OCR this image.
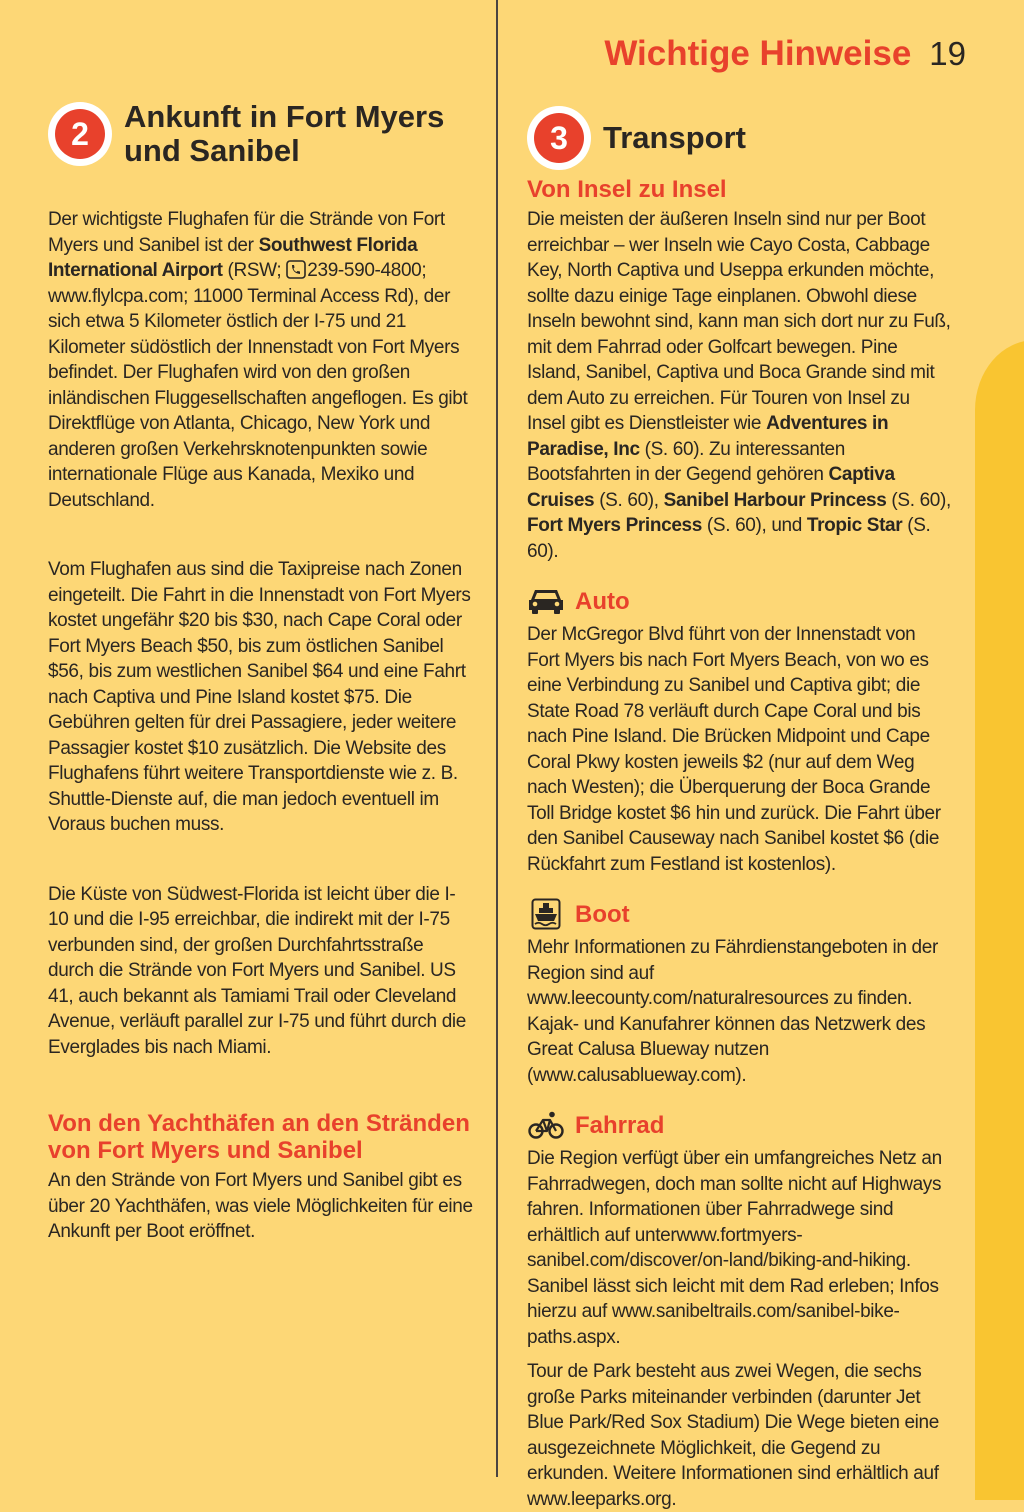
Wichtige Hinweise 19
2	Ankunft in Fort Myers und Sanibel

Der wichtigste Flughafen für die Strände von Fort Myers und Sanibel ist der Southwest Florida International Airport (RSW; 239-590-4800; www.flylcpa.com; 11000 Terminal Access Rd), der sich etwa 5 Kilometer östlich der I-75 und 21 Kilometer südöstlich der Innenstadt von Fort Myers befindet. Der Flughafen wird von den großen inländischen Fluggesellschaften angeflogen. Es gibt Direktflüge von Atlanta, Chicago, New York und anderen großen Verkehrsknotenpunkten sowie internationale Flüge aus Kanada, Mexiko und Deutschland.

Vom Flughafen aus sind die Taxipreise nach Zonen eingeteilt. Die Fahrt in die Innenstadt von Fort Myers kostet ungefähr $20 bis $30, nach Cape Coral oder Fort Myers Beach $50, bis zum östlichen Sanibel $56, bis zum westlichen Sanibel $64 und eine Fahrt nach Captiva und Pine Island kostet $75. Die Gebühren gelten für drei Passagiere, jeder weitere Passagier kostet $10 zusätzlich. Die Website des Flughafens führt weitere Transportdienste wie z. B. Shuttle-Dienste auf, die man jedoch eventuell im Voraus buchen muss.

Die Küste von Südwest-Florida ist leicht über die I-10 und die I-95 erreichbar, die indirekt mit der I-75 verbunden sind, der großen Durchfahrtsstraße durch die Strände von Fort Myers und Sanibel. US 41, auch bekannt als Tamiami Trail oder Cleveland Avenue, verläuft parallel zur I-75 und führt durch die Everglades bis nach Miami.

Von den Yachthäfen an den Stränden von Fort Myers und Sanibel

An den Strände von Fort Myers und Sanibel gibt es über 20 Yachthäfen, was viele Möglichkeiten für eine Ankunft per Boot eröffnet.

3	Transport
Von Insel zu Insel

Die meisten der äußeren Inseln sind nur per Boot erreichbar – wer Inseln wie Cayo Costa, Cabbage Key, North Captiva und Useppa erkunden möchte, sollte dazu einige Tage einplanen. Obwohl diese Inseln bewohnt sind, kann man sich dort nur zu Fuß, mit dem Fahrrad oder Golfcart bewegen. Pine Island, Sanibel, Captiva und Boca Grande sind mit dem Auto zu erreichen. Für Touren von Insel zu Insel gibt es Dienstleister wie Adventures in Paradise, Inc (S. 60). Zu interessanten Bootsfahrten in der Gegend gehören Captiva Cruises (S. 60), Sanibel Harbour Princess (S. 60), Fort Myers Princess (S. 60), und Tropic Star (S. 60).

Auto

Der McGregor Blvd führt von der Innenstadt von Fort Myers bis nach Fort Myers Beach, von wo es eine Verbindung zu Sanibel und Captiva gibt; die State Road 78 verläuft durch Cape Coral und bis nach Pine Island. Die Brücken Midpoint und Cape Coral Pkwy kosten jeweils $2 (nur auf dem Weg nach Westen); die Überquerung der Boca Grande Toll Bridge kostet $6 hin und zurück. Die Fahrt über den Sanibel Causeway nach Sanibel kostet $6 (die Rückfahrt zum Festland ist kostenlos).

Boot

Mehr Informationen zu Fährdienstangeboten in der Region sind auf www.leecounty.com/naturalresources zu finden. Kajak- und Kanufahrer können das Netzwerk des Great Calusa Blueway nutzen (www.calusablueway.com).

Fahrrad

Die Region verfügt über ein umfangreiches Netz an Fahrradwegen, doch man sollte nicht auf Highways fahren. Informationen über Fahrradwege sind erhältlich auf unterwww.fortmyers-sanibel.com/discover/on-land/biking-and-hiking. Sanibel lässt sich leicht mit dem Rad erleben; Infos hierzu auf www.sanibeltrails.com/sanibel-bike-paths.aspx.

Tour de Park besteht aus zwei Wegen, die sechs große Parks miteinander verbinden (darunter Jet Blue Park/Red Sox Stadium) Die Wege bieten eine ausgezeichnete Möglichkeit, die Gegend zu erkunden. Weitere Informationen sind erhältlich auf www.leeparks.org.
